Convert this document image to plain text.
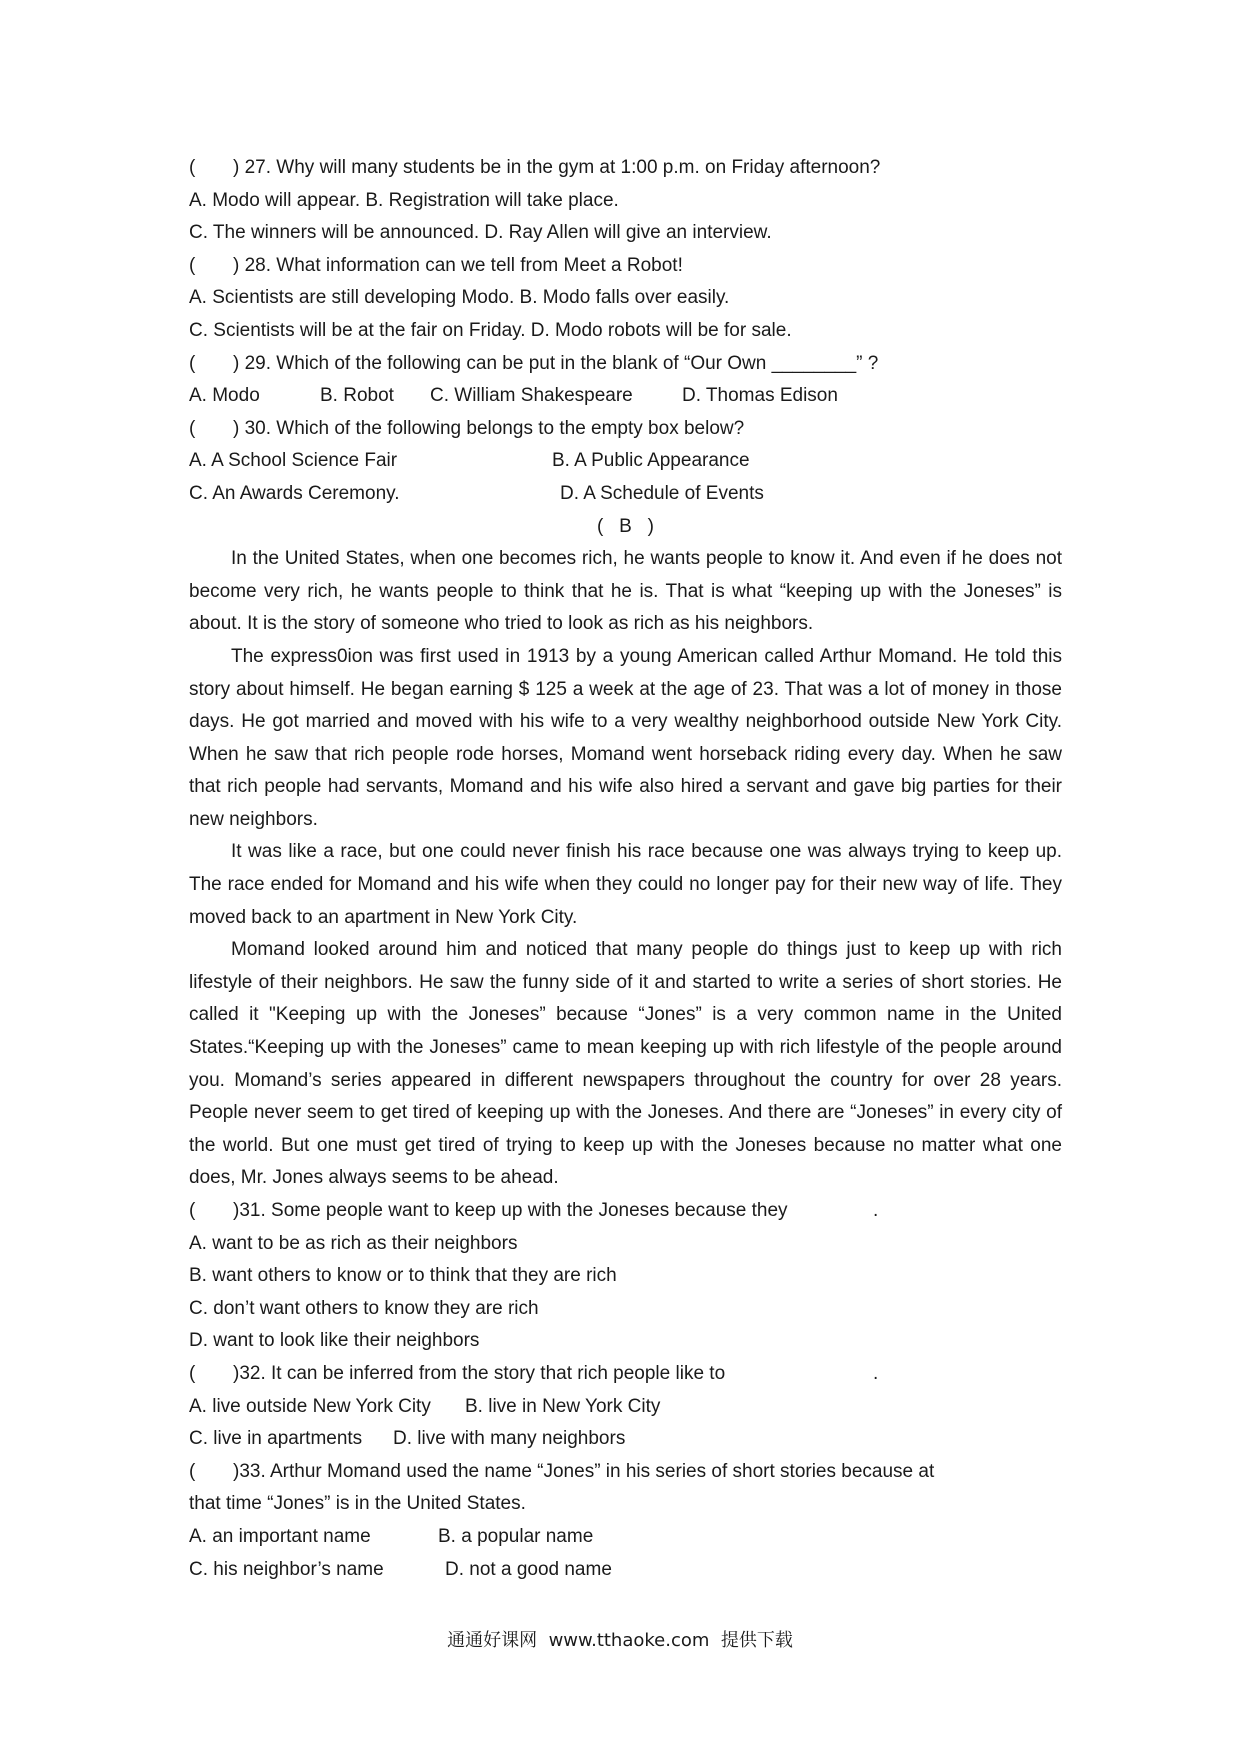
( ) 27. Why will many students be in the gym at 1:00 p.m. on Friday afternoon?
A. Modo will appear. B. Registration will take place.
C. The winners will be announced. D. Ray Allen will give an interview.
( ) 28. What information can we tell from Meet a Robot!
A. Scientists are still developing Modo. B. Modo falls over easily.
C. Scientists will be at the fair on Friday. D. Modo robots will be for sale.
( ) 29. Which of the following can be put in the blank of “Our Own ________” ?
A. Modo	B. Robot C. William Shakespeare	D. Thomas Edison
( ) 30. Which of the following belongs to the empty box below?
A. A School Science Fair	B. A Public Appearance
C. An Awards Ceremony.	D. A Schedule of Events
(   B   )

In the United States, when one becomes rich, he wants people to know it. And even if he does not become very rich, he wants people to think that he is. That is what “keeping up with the Joneses” is about. It is the story of someone who tried to look as rich as his neighbors.

The express0ion was first used in 1913 by a young American called Arthur Momand. He told this story about himself. He began earning $ 125 a week at the age of 23. That was a lot of money in those days. He got married and moved with his wife to a very wealthy neighborhood outside New York City. When he saw that rich people rode horses, Momand went horseback riding every day. When he saw that rich people had servants, Momand and his wife also hired a servant and gave big parties for their new neighbors.

It was like a race, but one could never finish his race because one was always trying to keep up. The race ended for Momand and his wife when they could no longer pay for their new way of life. They moved back to an apartment in New York City.

Momand looked around him and noticed that many people do things just to keep up with rich lifestyle of their neighbors. He saw the funny side of it and started to write a series of short stories. He called it "Keeping up with the Joneses” because “Jones” is a very common name in the United States.“Keeping up with the Joneses” came to mean keeping up with rich lifestyle of the people around you. Momand’s series appeared in different newspapers throughout the country for over 28 years. People never seem to get tired of keeping up with the Joneses. And there are “Joneses” in every city of the world. But one must get tired of trying to keep up with the Joneses because no matter what one does, Mr. Jones always seems to be ahead.

( )31. Some people want to keep up with the Joneses because they	.
A. want to be as rich as their neighbors
B. want others to know or to think that they are rich
C. don’t want others to know they are rich
D. want to look like their neighbors
( )32. It can be inferred from the story that rich people like to	.
A. live outside New York City B. live in New York City
C. live in apartments D. live with many neighbors
( )33. Arthur Momand used the name “Jones” in his series of short stories because at
that time “Jones” is in the United States.
A. an important name	B. a popular name
C. his neighbor’s name	D. not a good name
通通好课网  www.tthaoke.com  提供下载
